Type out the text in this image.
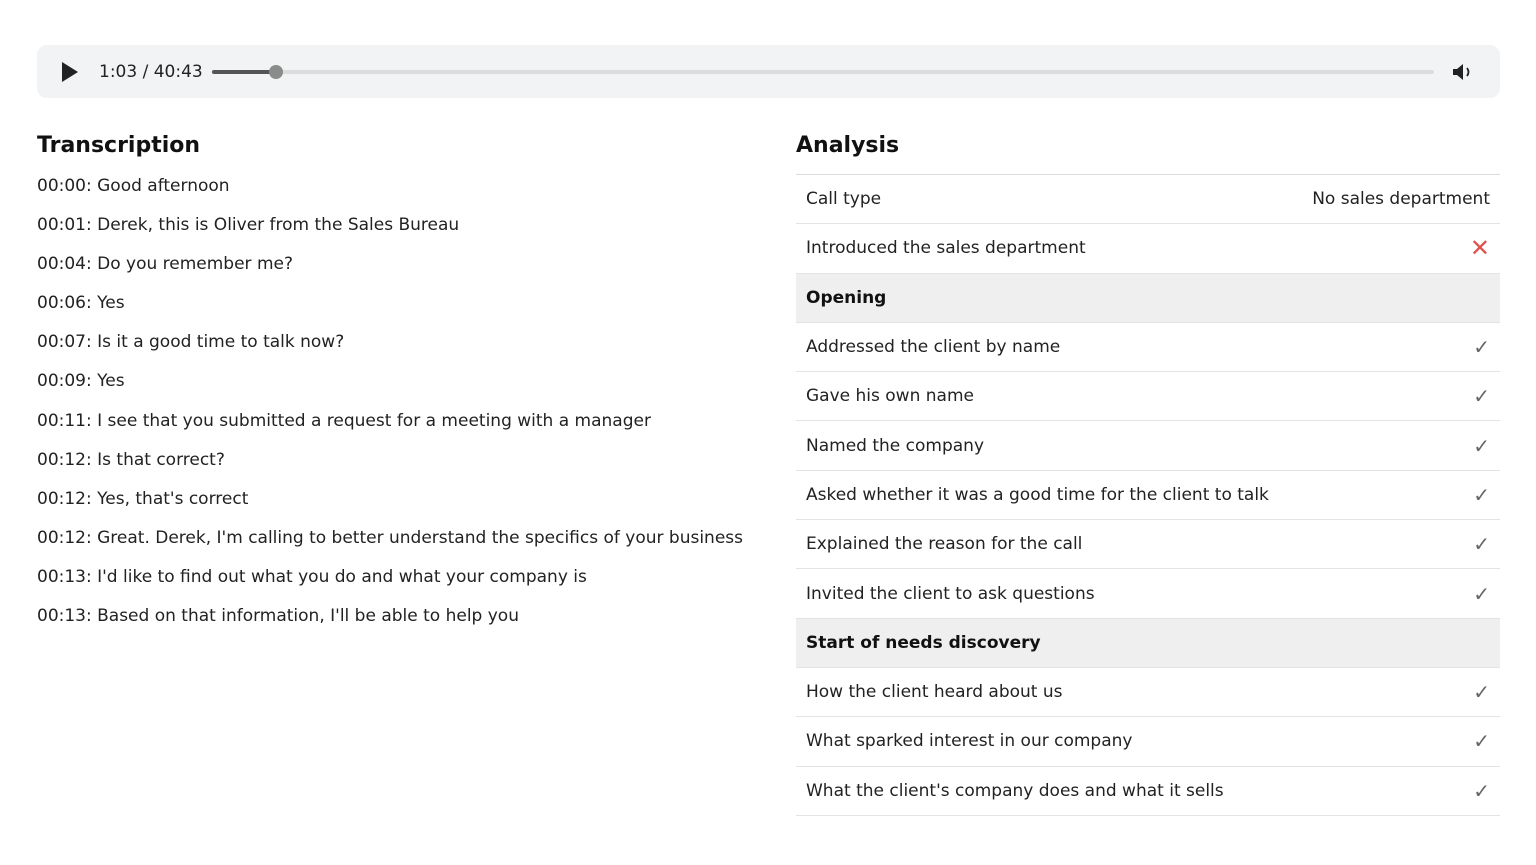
1:03 / 40:43
Transcription
00:00: Good afternoon
00:01: Derek, this is Oliver from the Sales Bureau
00:04: Do you remember me?
00:06: Yes
00:07: Is it a good time to talk now?
00:09: Yes
00:11: I see that you submitted a request for a meeting with a manager
00:12: Is that correct?
00:12: Yes, that's correct
00:12: Great. Derek, I'm calling to better understand the specifics of your business
00:13: I'd like to find out what you do and what your company is
00:13: Based on that information, I'll be able to help you
Analysis
Call type	No sales department
Introduced the sales department	✕
Opening
Addressed the client by name	✓
Gave his own name	✓
Named the company	✓
Asked whether it was a good time for the client to talk	✓
Explained the reason for the call	✓
Invited the client to ask questions	✓
Start of needs discovery
How the client heard about us	✓
What sparked interest in our company	✓
What the client's company does and what it sells	✓
